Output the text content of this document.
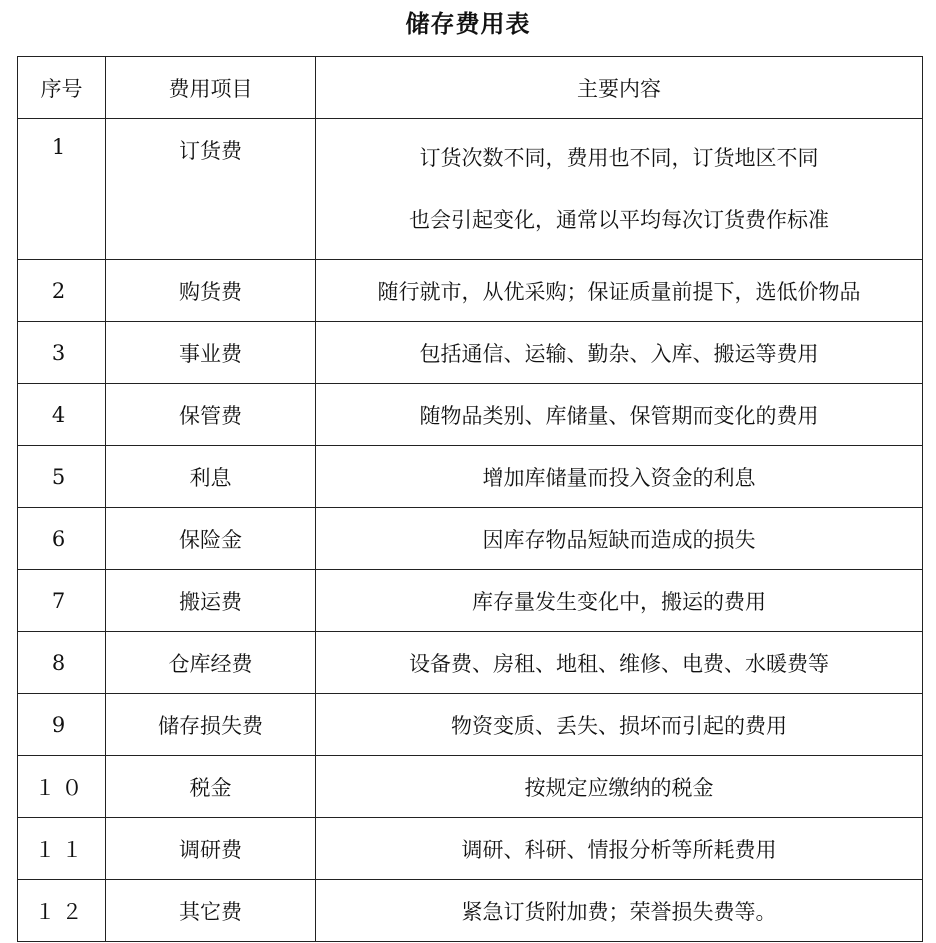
储存费用表
序号	费用项目	主要内容
1	订货费	订货次数不同，费用也不同，订货地区不同
也会引起变化，通常以平均每次订货费作标准

2	购货费	随行就市，从优采购；保证质量前提下，选低价物品
3	事业费	包括通信、运输、勤杂、入库、搬运等费用
4	保管费	随物品类别、库储量、保管期而变化的费用
5	利息	增加库储量而投入资金的利息
6	保险金	因库存物品短缺而造成的损失
7	搬运费	库存量发生变化中，搬运的费用
8	仓库经费	设备费、房租、地租、维修、电费、水暖费等
9	储存损失费	物资变质、丢失、损坏而引起的费用
１０	税金	按规定应缴纳的税金
１１	调研费	调研、科研、情报分析等所耗费用
１２	其它费	紧急订货附加费；荣誉损失费等。
